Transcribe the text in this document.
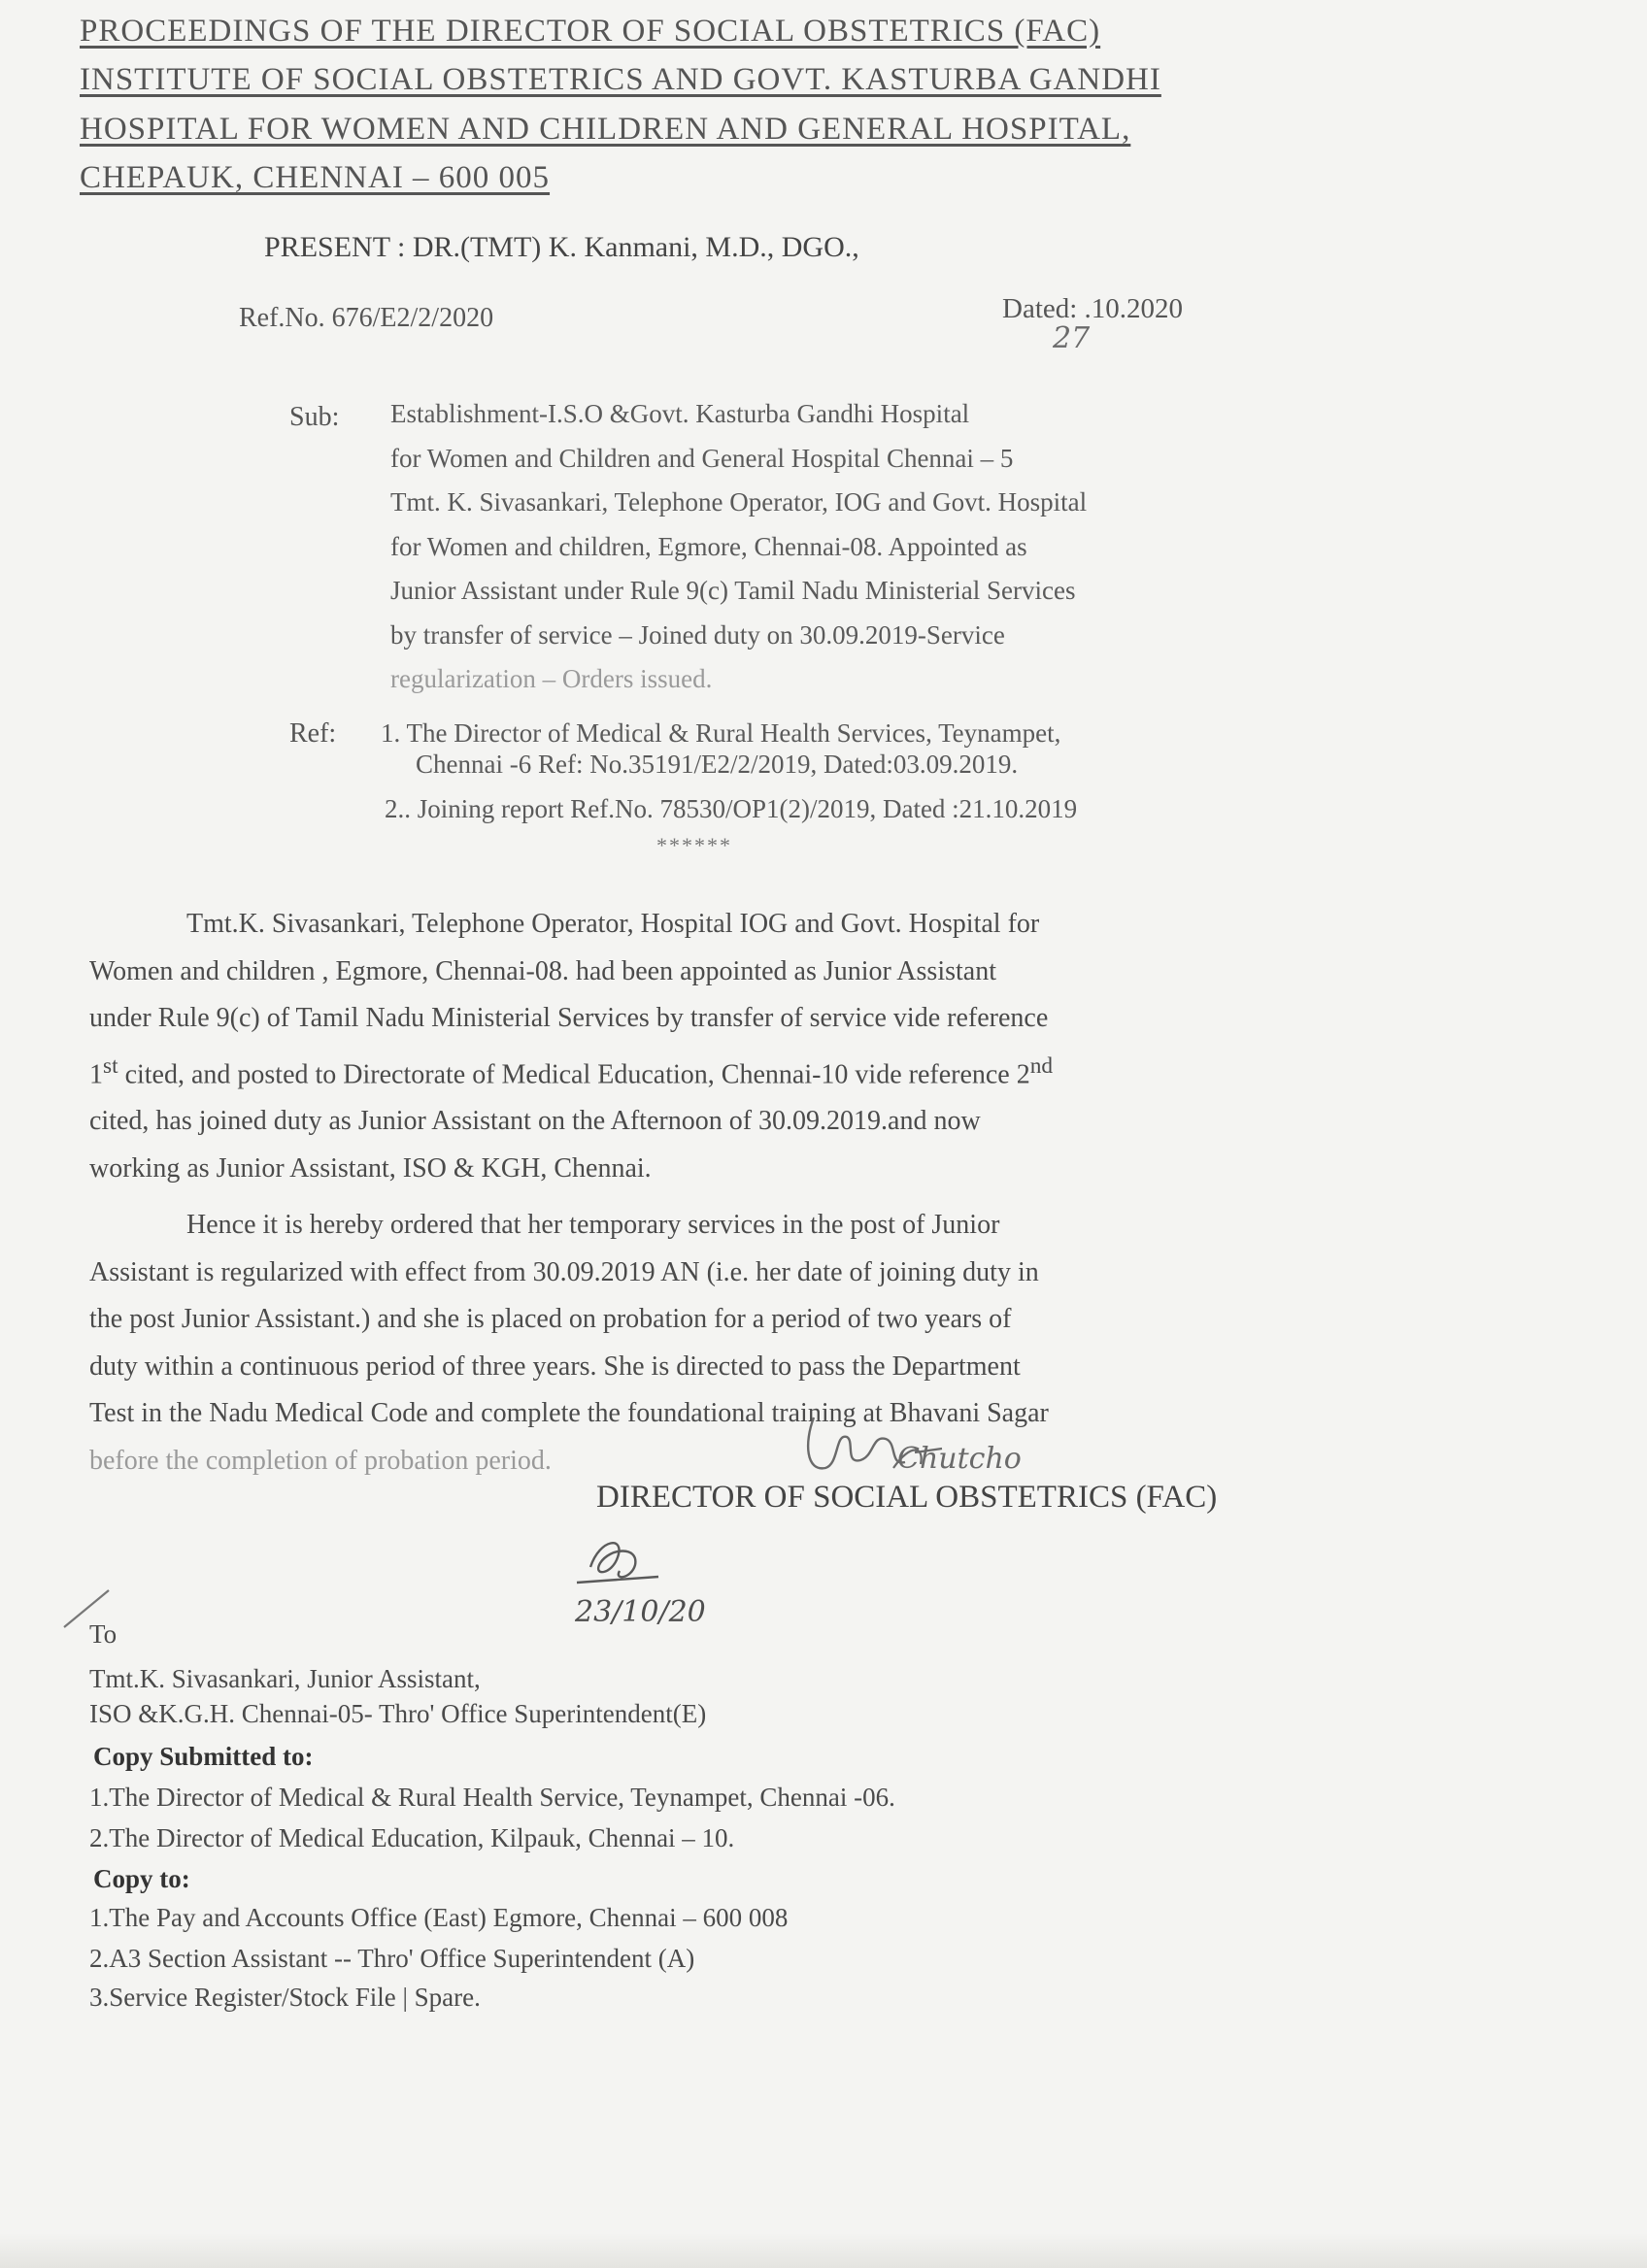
PROCEEDINGS OF THE DIRECTOR OF SOCIAL OBSTETRICS (FAC)
INSTITUTE OF SOCIAL OBSTETRICS AND GOVT. KASTURBA GANDHI
HOSPITAL FOR WOMEN AND CHILDREN AND GENERAL HOSPITAL,
CHEPAUK, CHENNAI – 600 005
PRESENT : DR.(TMT) K. Kanmani, M.D., DGO.,
Ref.No. 676/E2/2/2020	Dated: .10.2020
27
Sub: Establishment-I.S.O &Govt. Kasturba Gandhi Hospital
for Women and Children and General Hospital Chennai – 5
Tmt. K. Sivasankari, Telephone Operator, IOG and Govt. Hospital
for Women and children, Egmore, Chennai-08. Appointed as
Junior Assistant under Rule 9(c) Tamil Nadu Ministerial Services
by transfer of service – Joined duty on 30.09.2019-Service
regularization – Orders issued.
Ref: 1. The Director of Medical & Rural Health Services, Teynampet,
Chennai -6 Ref: No.35191/E2/2/2019, Dated:03.09.2019.
2.. Joining report Ref.No. 78530/OP1(2)/2019, Dated :21.10.2019
******
Tmt.K. Sivasankari, Telephone Operator, Hospital IOG and Govt. Hospital for
Women and children , Egmore, Chennai-08. had been appointed as Junior Assistant
under Rule 9(c) of Tamil Nadu Ministerial Services by transfer of service vide reference
1st cited, and posted to Directorate of Medical Education, Chennai-10 vide reference 2nd
cited, has joined duty as Junior Assistant on the Afternoon of 30.09.2019.and now
working as Junior Assistant, ISO & KGH, Chennai.
Hence it is hereby ordered that her temporary services in the post of Junior
Assistant is regularized with effect from 30.09.2019 AN (i.e. her date of joining duty in
the post Junior Assistant.) and she is placed on probation for a period of two years of
duty within a continuous period of three years. She is directed to pass the Department
Test in the Nadu Medical Code and complete the foundational training at Bhavani Sagar
before the completion of probation period.	Chutcho
DIRECTOR OF SOCIAL OBSTETRICS (FAC)
23/10/20
To
Tmt.K. Sivasankari, Junior Assistant,
ISO &K.G.H. Chennai-05- Thro' Office Superintendent(E)
Copy Submitted to:
1.The Director of Medical & Rural Health Service, Teynampet, Chennai -06.
2.The Director of Medical Education, Kilpauk, Chennai – 10.
Copy to:
1.The Pay and Accounts Office (East) Egmore, Chennai – 600 008
2.A3 Section Assistant -- Thro' Office Superintendent (A)
3.Service Register/Stock File | Spare.
